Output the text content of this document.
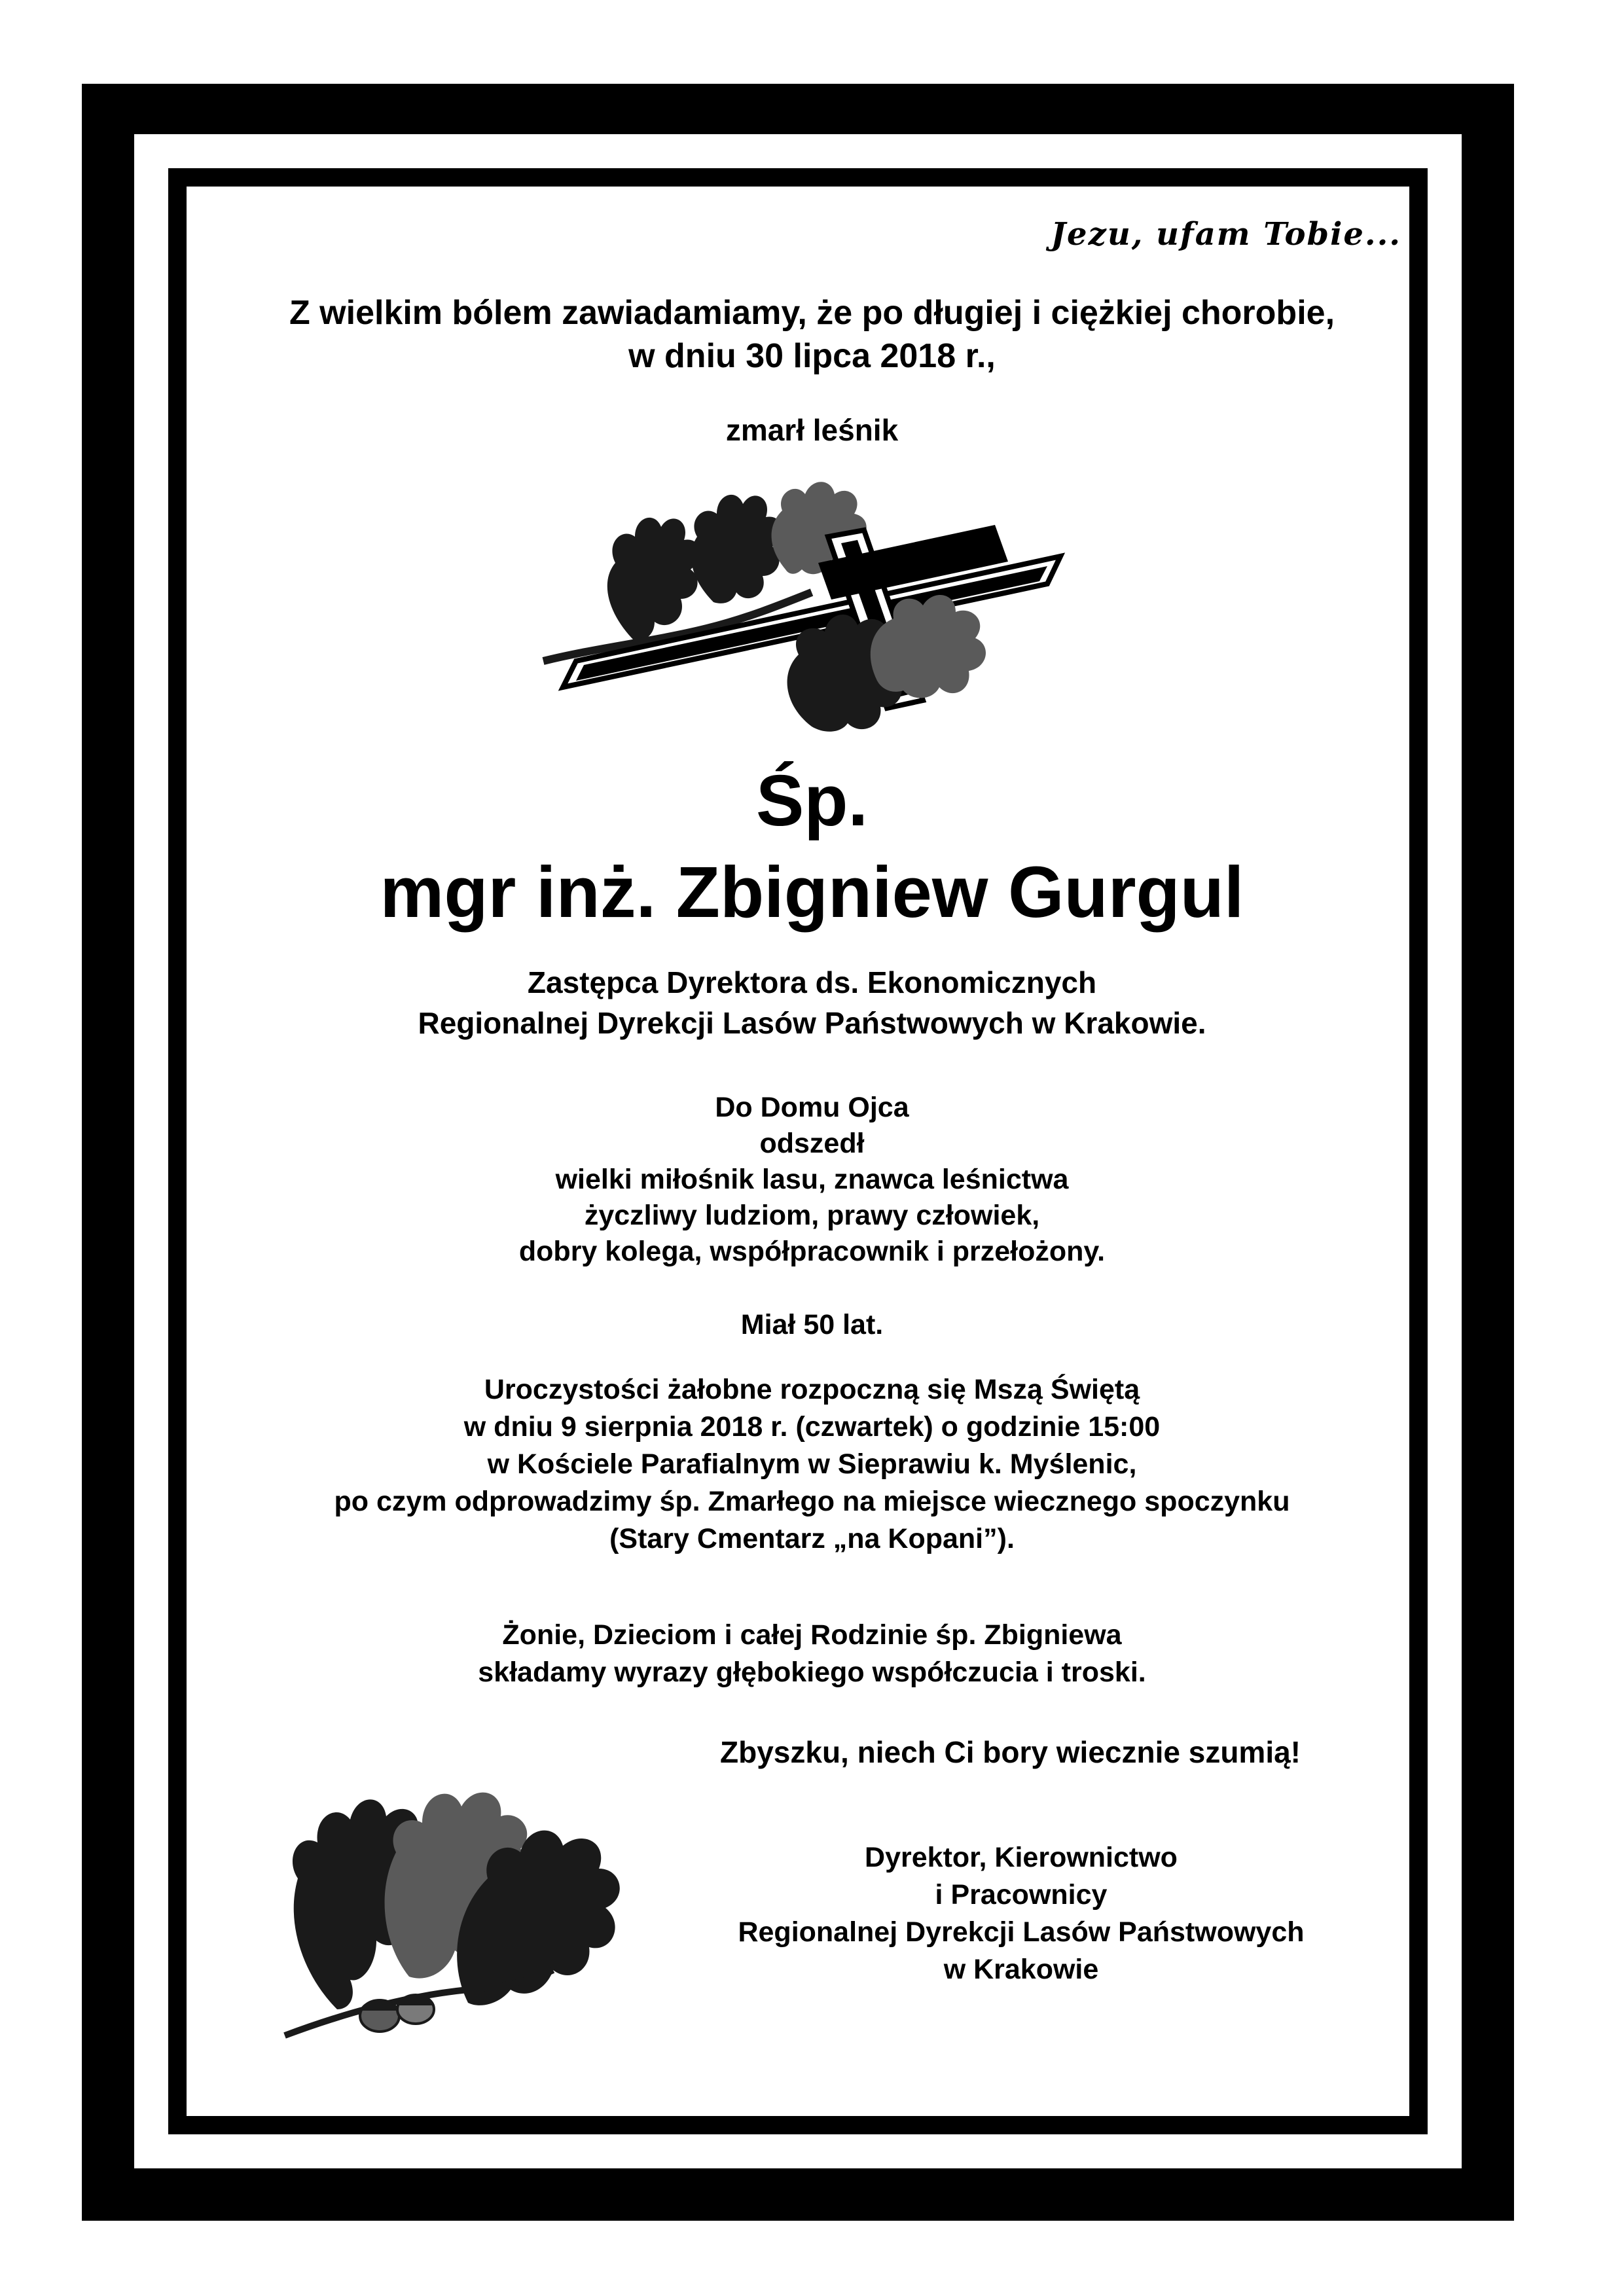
Jezu, ufam Tobie...

Z wielkim bólem zawiadamiamy, że po długiej i ciężkiej chorobie,
w dniu 30 lipca 2018 r.,

zmarł leśnik

Śp.

mgr inż. Zbigniew Gurgul

Zastępca Dyrektora ds. Ekonomicznych
Regionalnej Dyrekcji Lasów Państwowych w Krakowie.
Do Domu Ojca
odszedł
wielki miłośnik lasu, znawca leśnictwa
życzliwy ludziom, prawy człowiek,
dobry kolega, współpracownik i przełożony.

Miał 50 lat.

Uroczystości żałobne rozpoczną się Mszą Świętą
w dniu 9 sierpnia 2018 r. (czwartek) o godzinie 15:00
w Kościele Parafialnym w Sieprawiu k. Myślenic,
po czym odprowadzimy śp. Zmarłego na miejsce wiecznego spoczynku
(Stary Cmentarz „na Kopani”).
Żonie, Dzieciom i całej Rodzinie śp. Zbigniewa
składamy wyrazy głębokiego współczucia i troski.

Zbyszku, niech Ci bory wiecznie szumią!

Dyrektor, Kierownictwo
i Pracownicy
Regionalnej Dyrekcji Lasów Państwowych
w Krakowie
